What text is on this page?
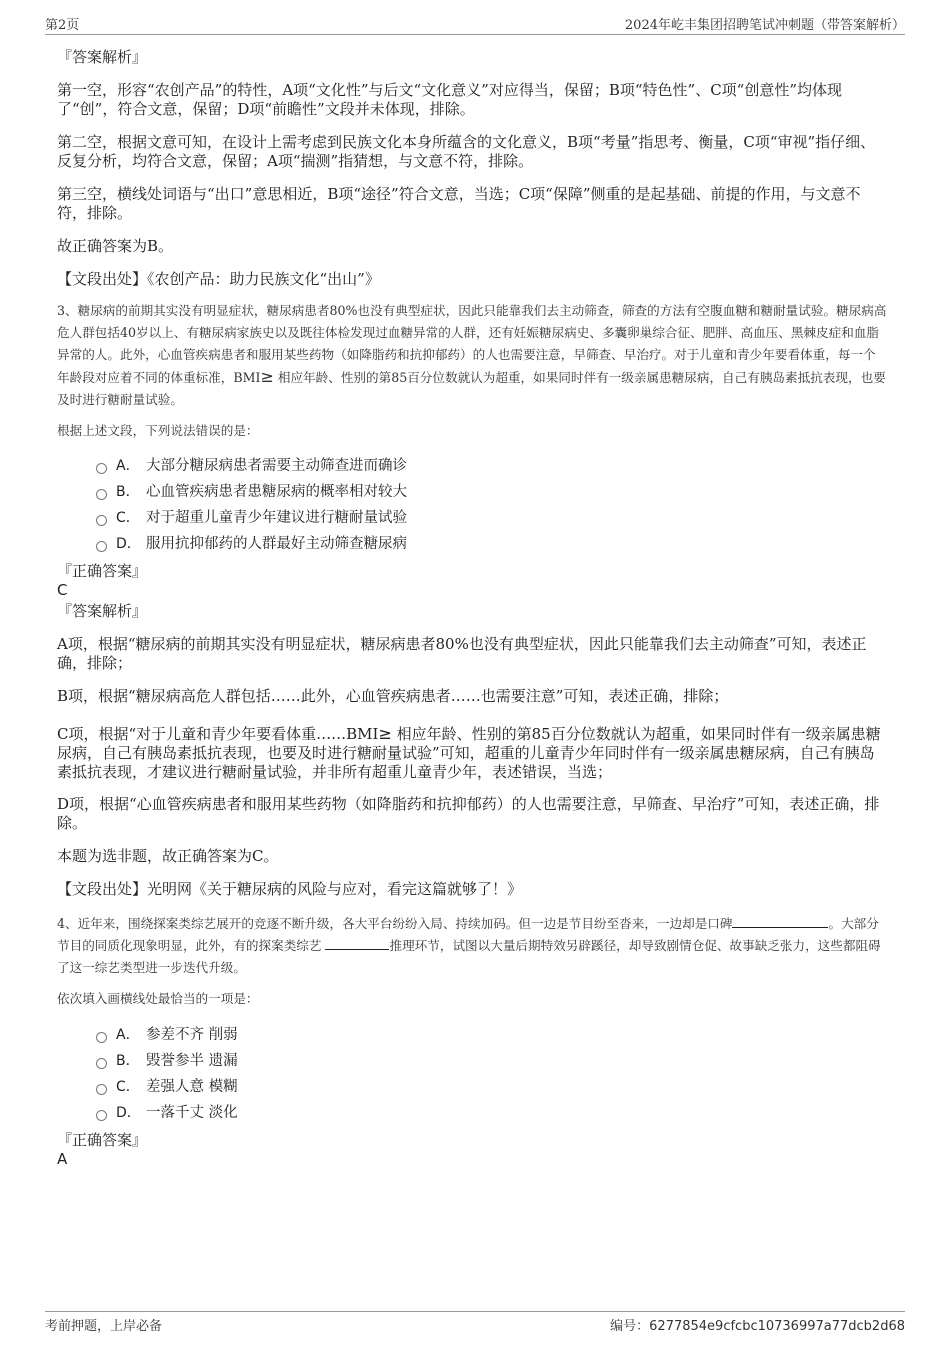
第2页	2024年屹丰集团招聘笔试冲刺题（带答案解析）
『答案解析』
第一空，形容“农创产品”的特性，A项“文化性”与后文“文化意义”对应得当，保留；B项“特色性”、C项“创意性”均体现了“创”，符合文意，保留；D项“前瞻性”文段并未体现，排除。
第二空，根据文意可知，在设计上需考虑到民族文化本身所蕴含的文化意义，B项“考量”指思考、衡量，C项“审视”指仔细、反复分析，均符合文意，保留；A项“揣测”指猜想，与文意不符，排除。
第三空，横线处词语与“出口”意思相近，B项“途径”符合文意，当选；C项“保障”侧重的是起基础、前提的作用，与文意不符，排除。
故正确答案为B。
【文段出处】《农创产品：助力民族文化“出山”》
3、糖尿病的前期其实没有明显症状，糖尿病患者80%也没有典型症状，因此只能靠我们去主动筛查，筛查的方法有空腹血糖和糖耐量试验。糖尿病高危人群包括40岁以上、有糖尿病家族史以及既往体检发现过血糖异常的人群，还有妊娠糖尿病史、多囊卵巢综合征、肥胖、高血压、黑棘皮症和血脂异常的人。此外，心血管疾病患者和服用某些药物（如降脂药和抗抑郁药）的人也需要注意，早筛查、早治疗。对于儿童和青少年要看体重，每一个年龄段对应着不同的体重标准，BMI≥ 相应年龄、性别的第85百分位数就认为超重，如果同时伴有一级亲属患糖尿病，自己有胰岛素抵抗表现，也要及时进行糖耐量试验。
根据上述文段，下列说法错误的是：
A． 大部分糖尿病患者需要主动筛查进而确诊
B． 心血管疾病患者患糖尿病的概率相对较大
C． 对于超重儿童青少年建议进行糖耐量试验
D． 服用抗抑郁药的人群最好主动筛查糖尿病
『正确答案』
C
『答案解析』
A项，根据“糖尿病的前期其实没有明显症状，糖尿病患者80%也没有典型症状，因此只能靠我们去主动筛查”可知，表述正确，排除；
B项，根据“糖尿病高危人群包括……此外，心血管疾病患者……也需要注意”可知，表述正确，排除；
C项，根据“对于儿童和青少年要看体重……BMI≥ 相应年龄、性别的第85百分位数就认为超重，如果同时伴有一级亲属患糖尿病，自己有胰岛素抵抗表现，也要及时进行糖耐量试验”可知，超重的儿童青少年同时伴有一级亲属患糖尿病，自己有胰岛素抵抗表现，才建议进行糖耐量试验，并非所有超重儿童青少年，表述错误，当选；
D项，根据“心血管疾病患者和服用某些药物（如降脂药和抗抑郁药）的人也需要注意，早筛查、早治疗”可知，表述正确，排除。
本题为选非题，故正确答案为C。
【文段出处】光明网《关于糖尿病的风险与应对，看完这篇就够了！》
4、近年来，围绕探案类综艺展开的竞逐不断升级，各大平台纷纷入局、持续加码。但一边是节目纷至沓来，一边却是口碑	。大部分节目的同质化现象明显，此外，有的探案类综艺	推理环节，试图以大量后期特效另辟蹊径，却导致剧情仓促、故事缺乏张力，这些都阻碍了这一综艺类型进一步迭代升级。
依次填入画横线处最恰当的一项是：
A． 参差不齐 削弱
B． 毁誉参半 遗漏
C． 差强人意 模糊
D． 一落千丈 淡化
『正确答案』
A
考前押题，上岸必备	编号：6277854e9cfcbc10736997a77dcb2d68
